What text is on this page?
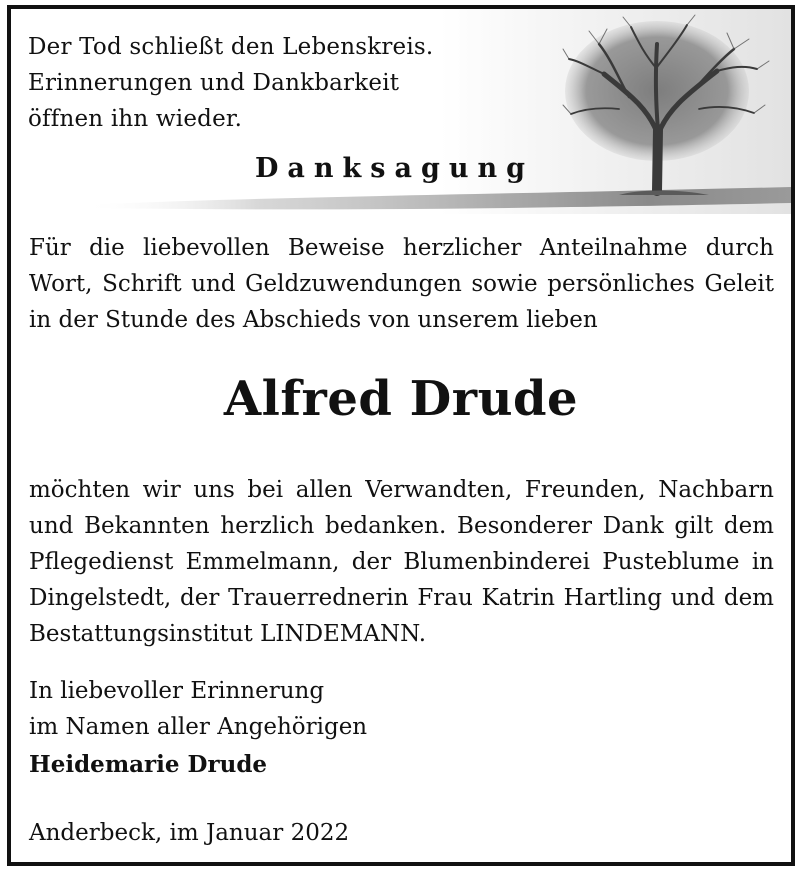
Der Tod schließt den Lebenskreis.
Erinnerungen und Dankbarkeit
öffnen ihn wieder.
Danksagung
Für die liebevollen Beweise herzlicher Anteilnahme durch Wort, Schrift und Geldzuwendungen sowie persönliches Geleit in der Stunde des Abschieds von unserem lieben
Alfred Drude
möchten wir uns bei allen Verwandten, Freunden, Nachbarn und Bekannten herzlich bedanken. Besonderer Dank gilt dem Pflegedienst Emmelmann, der Blumenbinderei Pusteblume in Dingelstedt, der Trauerrednerin Frau Katrin Hartling und dem Bestattungsinstitut LINDEMANN.
In liebevoller Erinnerung
im Namen aller Angehörigen
Heidemarie Drude
Anderbeck, im Januar 2022
